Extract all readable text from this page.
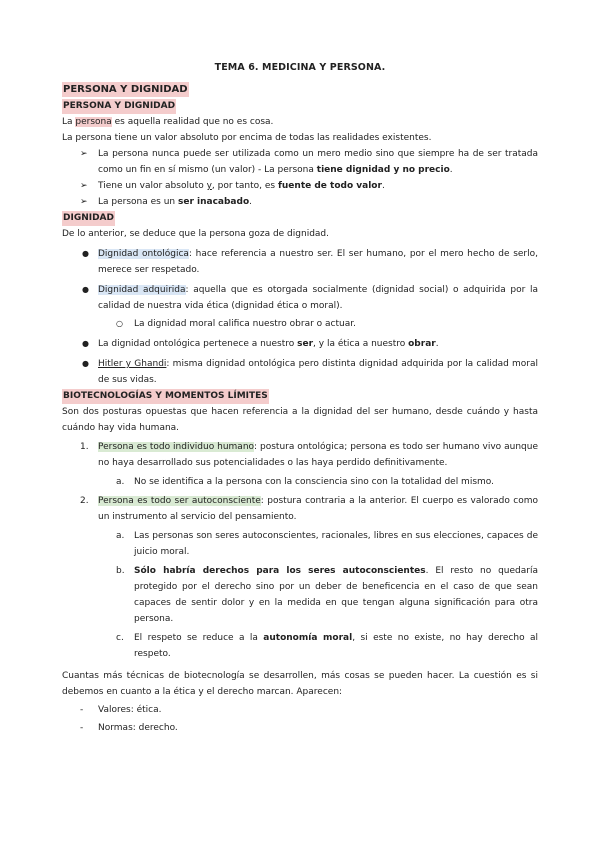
TEMA 6. MEDICINA Y PERSONA.
PERSONA Y DIGNIDAD
PERSONA Y DIGNIDAD

La persona es aquella realidad que no es cosa.

La persona tiene un valor absoluto por encima de todas las realidades existentes.

➢ La persona nunca puede ser utilizada como un mero medio sino que siempre ha de ser tratada como un fin en sí mismo (un valor) - La persona tiene dignidad y no precio.
➢ Tiene un valor absoluto y, por tanto, es fuente de todo valor.
➢ La persona es un ser inacabado.
DIGNIDAD

De lo anterior, se deduce que la persona goza de dignidad.

● Dignidad ontológica: hace referencia a nuestro ser. El ser humano, por el mero hecho de serlo, merece ser respetado.
● Dignidad adquirida: aquella que es otorgada socialmente (dignidad social) o adquirida por la calidad de nuestra vida ética (dignidad ética o moral).
○ La dignidad moral califica nuestro obrar o actuar.
● La dignidad ontológica pertenece a nuestro ser, y la ética a nuestro obrar.
● Hitler y Ghandi: misma dignidad ontológica pero distinta dignidad adquirida por la calidad moral de sus vidas.
BIOTECNOLOGÍAS Y MOMENTOS LÍMITES

Son dos posturas opuestas que hacen referencia a la dignidad del ser humano, desde cuándo y hasta cuándo hay vida humana.

1. Persona es todo individuo humano: postura ontológica; persona es todo ser humano vivo aunque no haya desarrollado sus potencialidades o las haya perdido definitivamente.
a. No se identifica a la persona con la consciencia sino con la totalidad del mismo.
2. Persona es todo ser autoconsciente: postura contraria a la anterior. El cuerpo es valorado como un instrumento al servicio del pensamiento.
a. Las personas son seres autoconscientes, racionales, libres en sus elecciones, capaces de juicio moral.
b. Sólo habría derechos para los seres autoconscientes. El resto no quedaría protegido por el derecho sino por un deber de beneficencia en el caso de que sean capaces de sentir dolor y en la medida en que tengan alguna significación para otra persona.
c. El respeto se reduce a la autonomía moral, si este no existe, no hay derecho al respeto.

Cuantas más técnicas de biotecnología se desarrollen, más cosas se pueden hacer. La cuestión es si debemos en cuanto a la ética y el derecho marcan. Aparecen:

- Valores: ética.
- Normas: derecho.
